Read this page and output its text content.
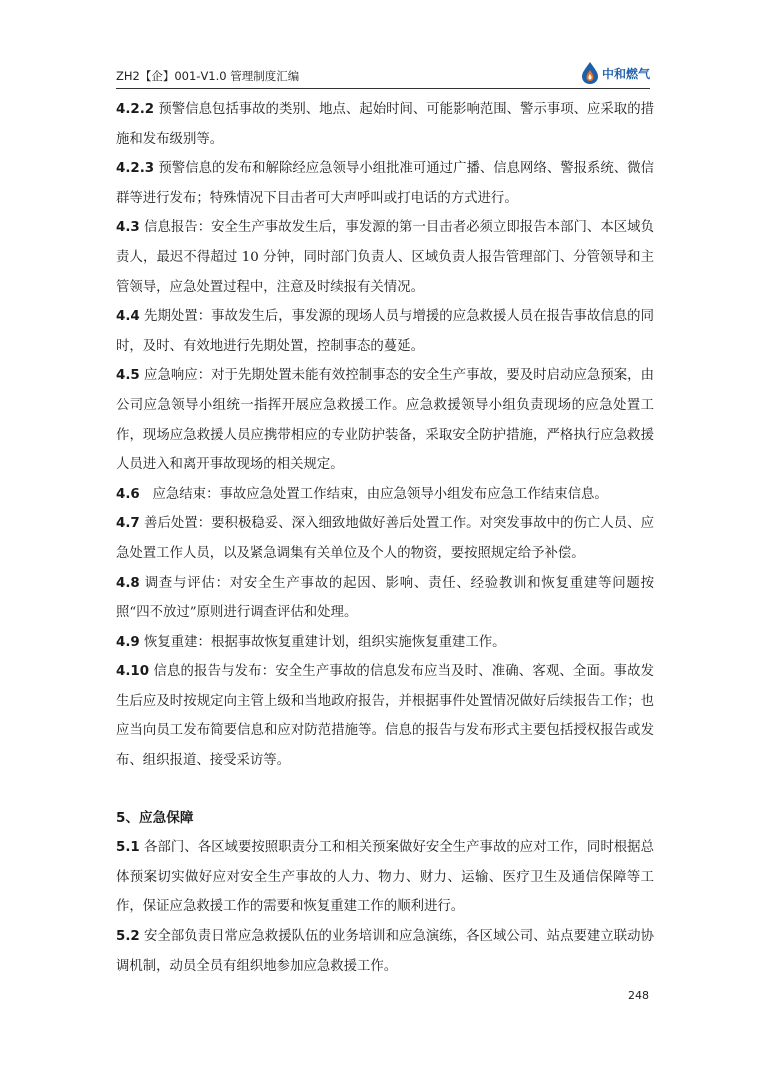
ZH2【企】001-V1.0 管理制度汇编	中和燃气

4.2.2 预警信息包括事故的类别、地点、起始时间、可能影响范围、警示事项、应采取的措施和发布级别等。

4.2.3 预警信息的发布和解除经应急领导小组批准可通过广播、信息网络、警报系统、微信群等进行发布；特殊情况下目击者可大声呼叫或打电话的方式进行。

4.3 信息报告：安全生产事故发生后，事发源的第一目击者必须立即报告本部门、本区域负责人，最迟不得超过 10 分钟，同时部门负责人、区域负责人报告管理部门、分管领导和主管领导，应急处置过程中，注意及时续报有关情况。

4.4 先期处置：事故发生后，事发源的现场人员与增援的应急救援人员在报告事故信息的同时，及时、有效地进行先期处置，控制事态的蔓延。

4.5 应急响应：对于先期处置未能有效控制事态的安全生产事故，要及时启动应急预案，由公司应急领导小组统一指挥开展应急救援工作。应急救援领导小组负责现场的应急处置工作，现场应急救援人员应携带相应的专业防护装备，采取安全防护措施，严格执行应急救援人员进入和离开事故现场的相关规定。

4.6   应急结束：事故应急处置工作结束，由应急领导小组发布应急工作结束信息。

4.7 善后处置：要积极稳妥、深入细致地做好善后处置工作。对突发事故中的伤亡人员、应急处置工作人员，以及紧急调集有关单位及个人的物资，要按照规定给予补偿。

4.8 调查与评估：对安全生产事故的起因、影响、责任、经验教训和恢复重建等问题按照“四不放过”原则进行调查评估和处理。

4.9 恢复重建：根据事故恢复重建计划，组织实施恢复重建工作。

4.10 信息的报告与发布：安全生产事故的信息发布应当及时、准确、客观、全面。事故发生后应及时按规定向主管上级和当地政府报告，并根据事件处置情况做好后续报告工作；也应当向员工发布简要信息和应对防范措施等。信息的报告与发布形式主要包括授权报告或发布、组织报道、接受采访等。

5、应急保障

5.1 各部门、各区域要按照职责分工和相关预案做好安全生产事故的应对工作，同时根据总体预案切实做好应对安全生产事故的人力、物力、财力、运输、医疗卫生及通信保障等工作，保证应急救援工作的需要和恢复重建工作的顺利进行。

5.2 安全部负责日常应急救援队伍的业务培训和应急演练，各区域公司、站点要建立联动协调机制，动员全员有组织地参加应急救援工作。

248
